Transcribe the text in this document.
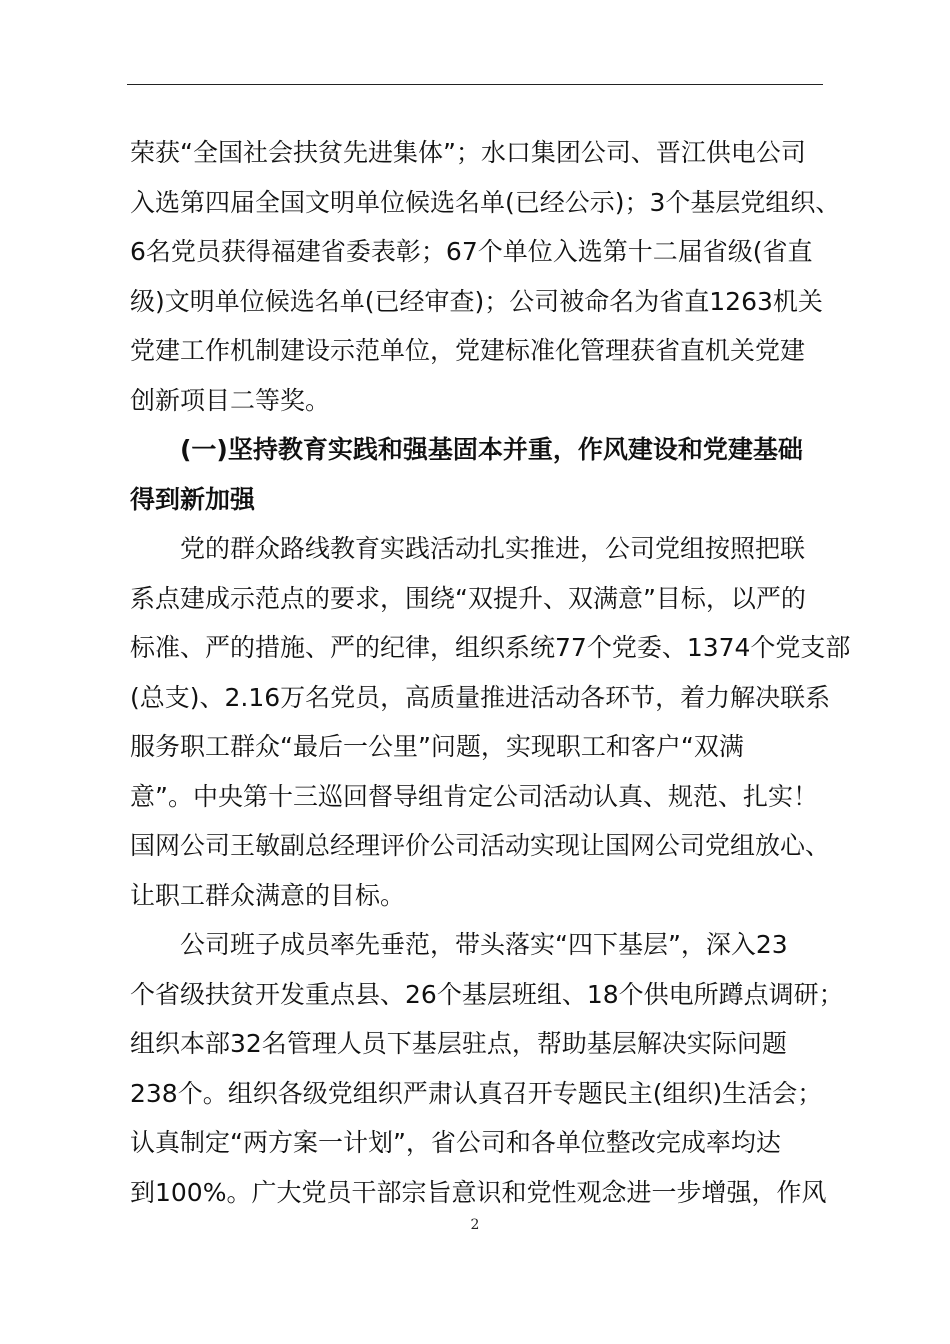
荣获“全国社会扶贫先进集体”；水口集团公司、晋江供电公司
入选第四届全国文明单位候选名单(已经公示)；3个基层党组织、
6名党员获得福建省委表彰；67个单位入选第十二届省级(省直
级)文明单位候选名单(已经审查)；公司被命名为省直1263机关
党建工作机制建设示范单位，党建标准化管理获省直机关党建
创新项目二等奖。
　　(一)坚持教育实践和强基固本并重，作风建设和党建基础
得到新加强
　　党的群众路线教育实践活动扎实推进，公司党组按照把联
系点建成示范点的要求，围绕“双提升、双满意”目标，以严的
标准、严的措施、严的纪律，组织系统77个党委、1374个党支部
(总支)、2.16万名党员，高质量推进活动各环节，着力解决联系
服务职工群众“最后一公里”问题，实现职工和客户“双满
意”。中央第十三巡回督导组肯定公司活动认真、规范、扎实！
国网公司王敏副总经理评价公司活动实现让国网公司党组放心、
让职工群众满意的目标。
　　公司班子成员率先垂范，带头落实“四下基层”，深入23
个省级扶贫开发重点县、26个基层班组、18个供电所蹲点调研；
组织本部32名管理人员下基层驻点，帮助基层解决实际问题
238个。组织各级党组织严肃认真召开专题民主(组织)生活会；
认真制定“两方案一计划”，省公司和各单位整改完成率均达
到100%。广大党员干部宗旨意识和党性观念进一步增强，作风
2
